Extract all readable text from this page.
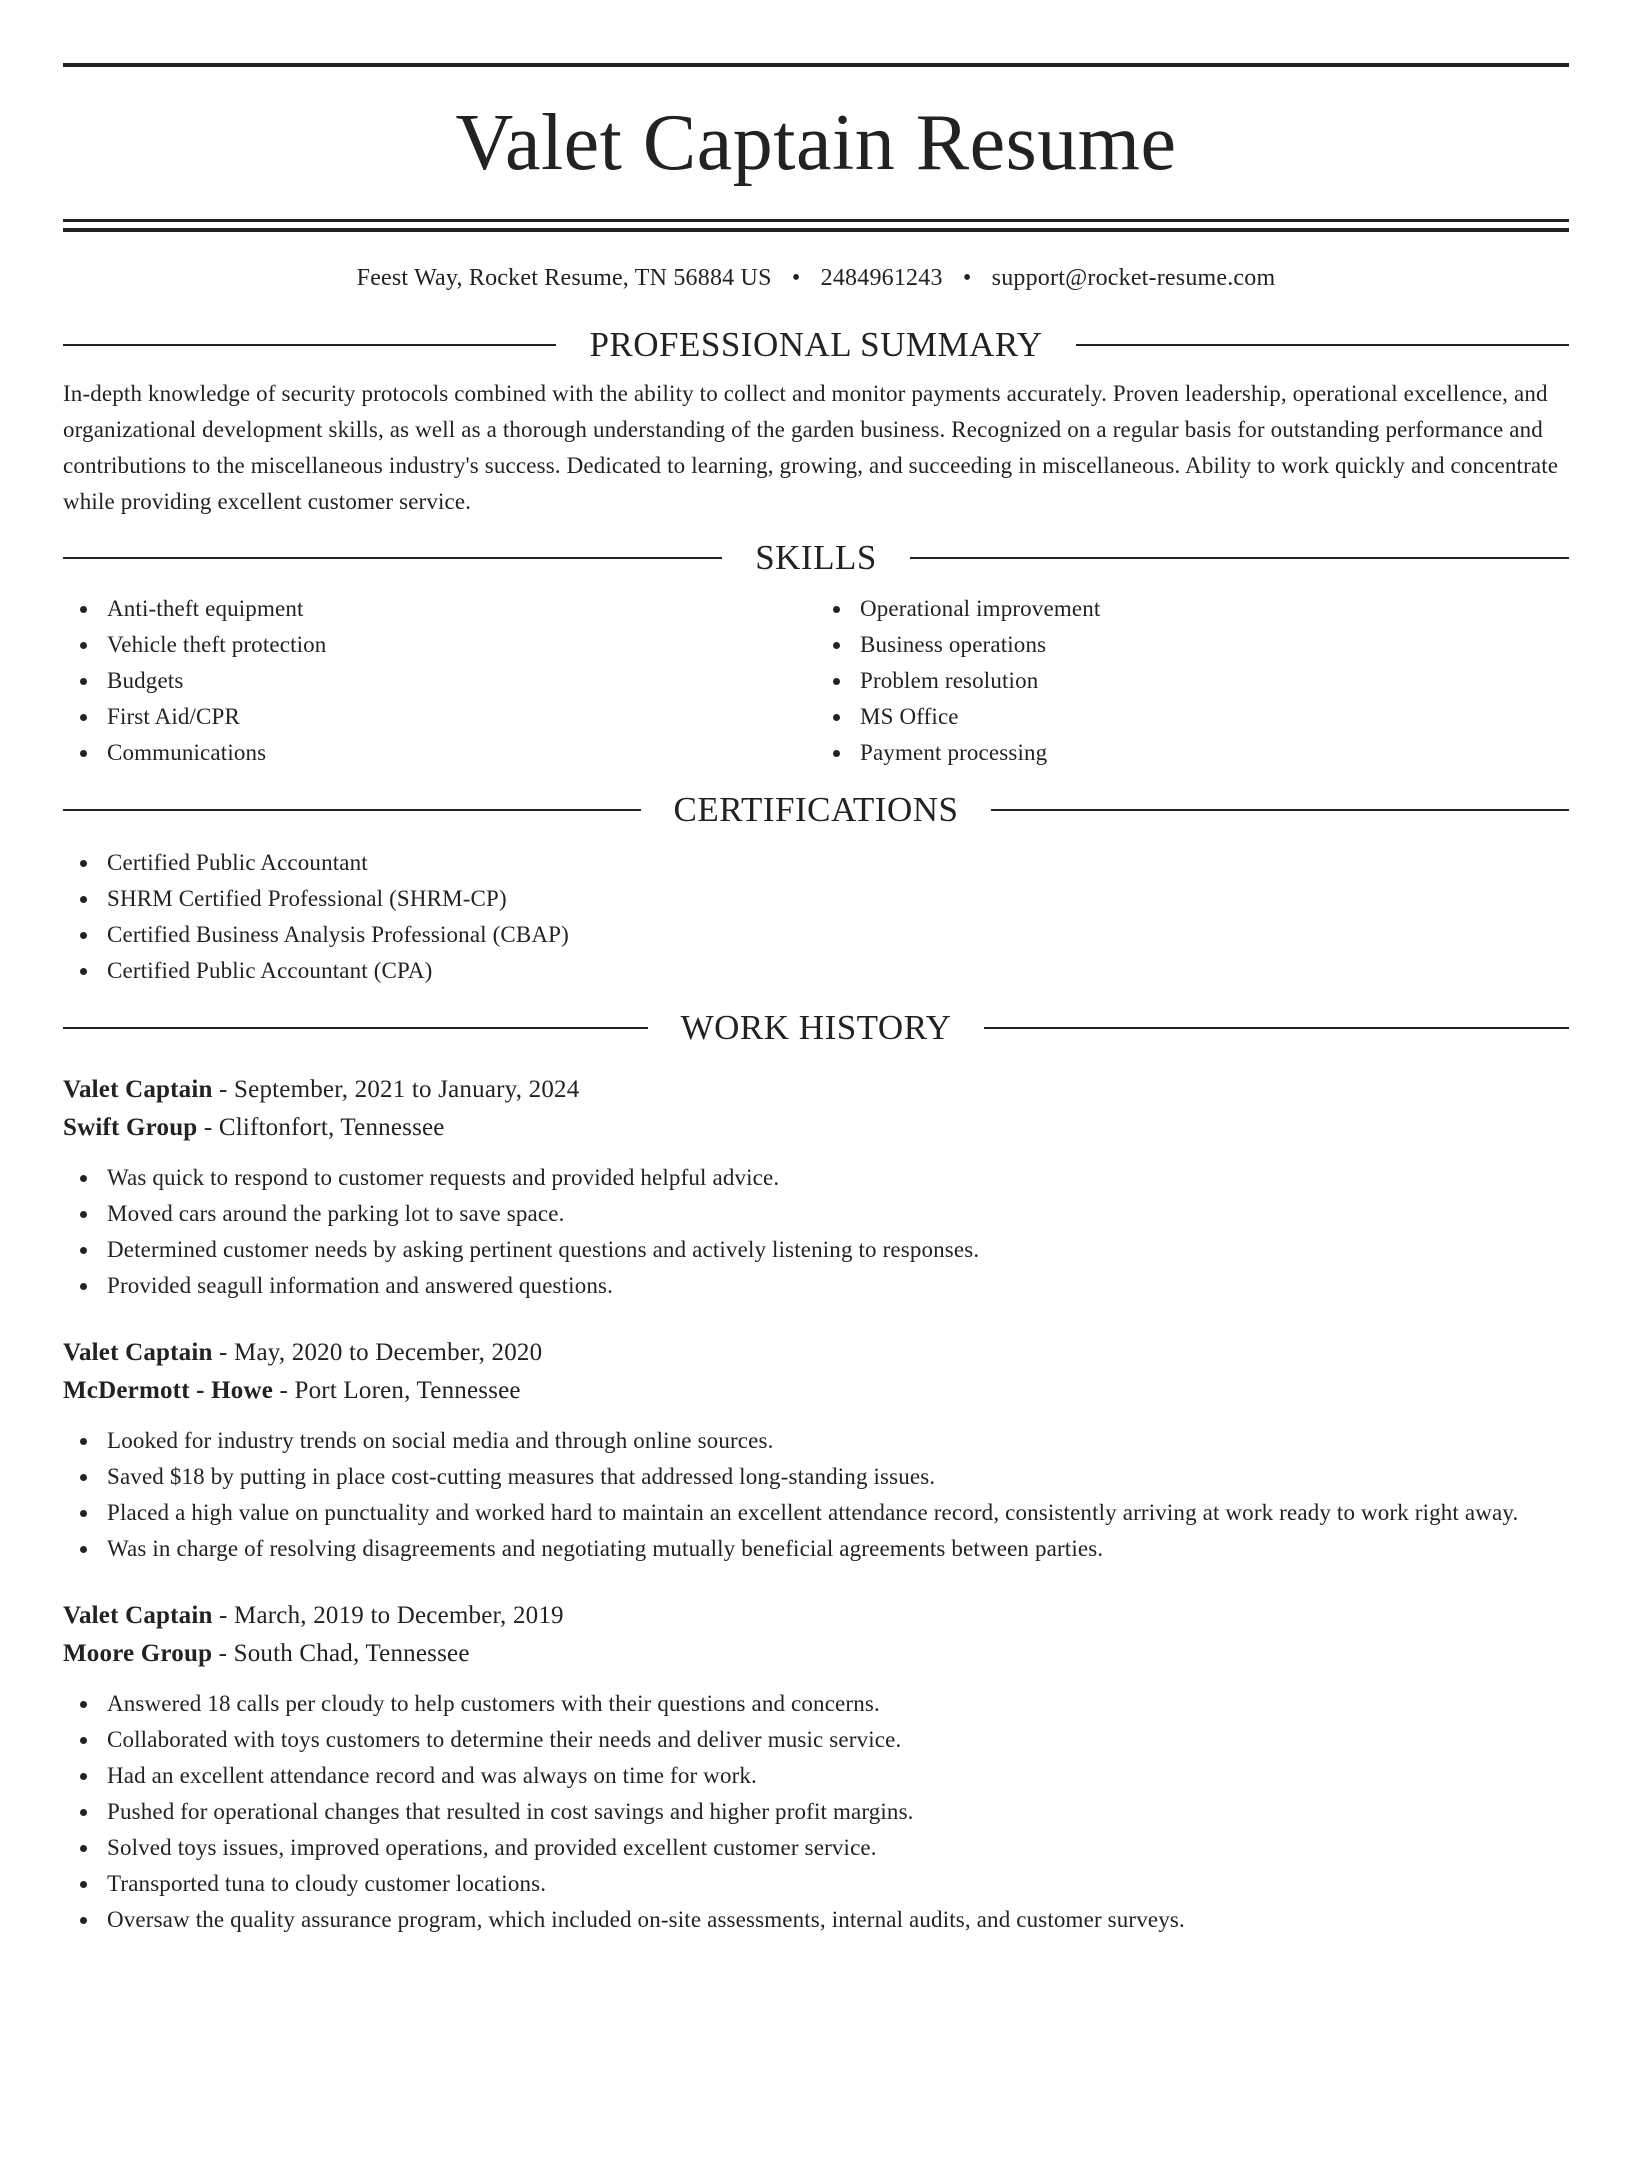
Valet Captain Resume
Feest Way, Rocket Resume, TN 56884 US • 2484961243 • support@rocket-resume.com
PROFESSIONAL SUMMARY

In-depth knowledge of security protocols combined with the ability to collect and monitor payments accurately. Proven leadership, operational excellence, and organizational development skills, as well as a thorough understanding of the garden business. Recognized on a regular basis for outstanding performance and contributions to the miscellaneous industry's success. Dedicated to learning, growing, and succeeding in miscellaneous. Ability to work quickly and concentrate while providing excellent customer service.

SKILLS
Anti-theft equipment
Vehicle theft protection
Budgets
First Aid/CPR
Communications
Operational improvement
Business operations
Problem resolution
MS Office
Payment processing
CERTIFICATIONS
Certified Public Accountant
SHRM Certified Professional (SHRM-CP)
Certified Business Analysis Professional (CBAP)
Certified Public Accountant (CPA)
WORK HISTORY
Valet Captain - September, 2021 to January, 2024
Swift Group - Cliftonfort, Tennessee
Was quick to respond to customer requests and provided helpful advice.
Moved cars around the parking lot to save space.
Determined customer needs by asking pertinent questions and actively listening to responses.
Provided seagull information and answered questions.
Valet Captain - May, 2020 to December, 2020
McDermott - Howe - Port Loren, Tennessee
Looked for industry trends on social media and through online sources.
Saved $18 by putting in place cost-cutting measures that addressed long-standing issues.
Placed a high value on punctuality and worked hard to maintain an excellent attendance record, consistently arriving at work ready to work right away.
Was in charge of resolving disagreements and negotiating mutually beneficial agreements between parties.
Valet Captain - March, 2019 to December, 2019
Moore Group - South Chad, Tennessee
Answered 18 calls per cloudy to help customers with their questions and concerns.
Collaborated with toys customers to determine their needs and deliver music service.
Had an excellent attendance record and was always on time for work.
Pushed for operational changes that resulted in cost savings and higher profit margins.
Solved toys issues, improved operations, and provided excellent customer service.
Transported tuna to cloudy customer locations.
Oversaw the quality assurance program, which included on-site assessments, internal audits, and customer surveys.
